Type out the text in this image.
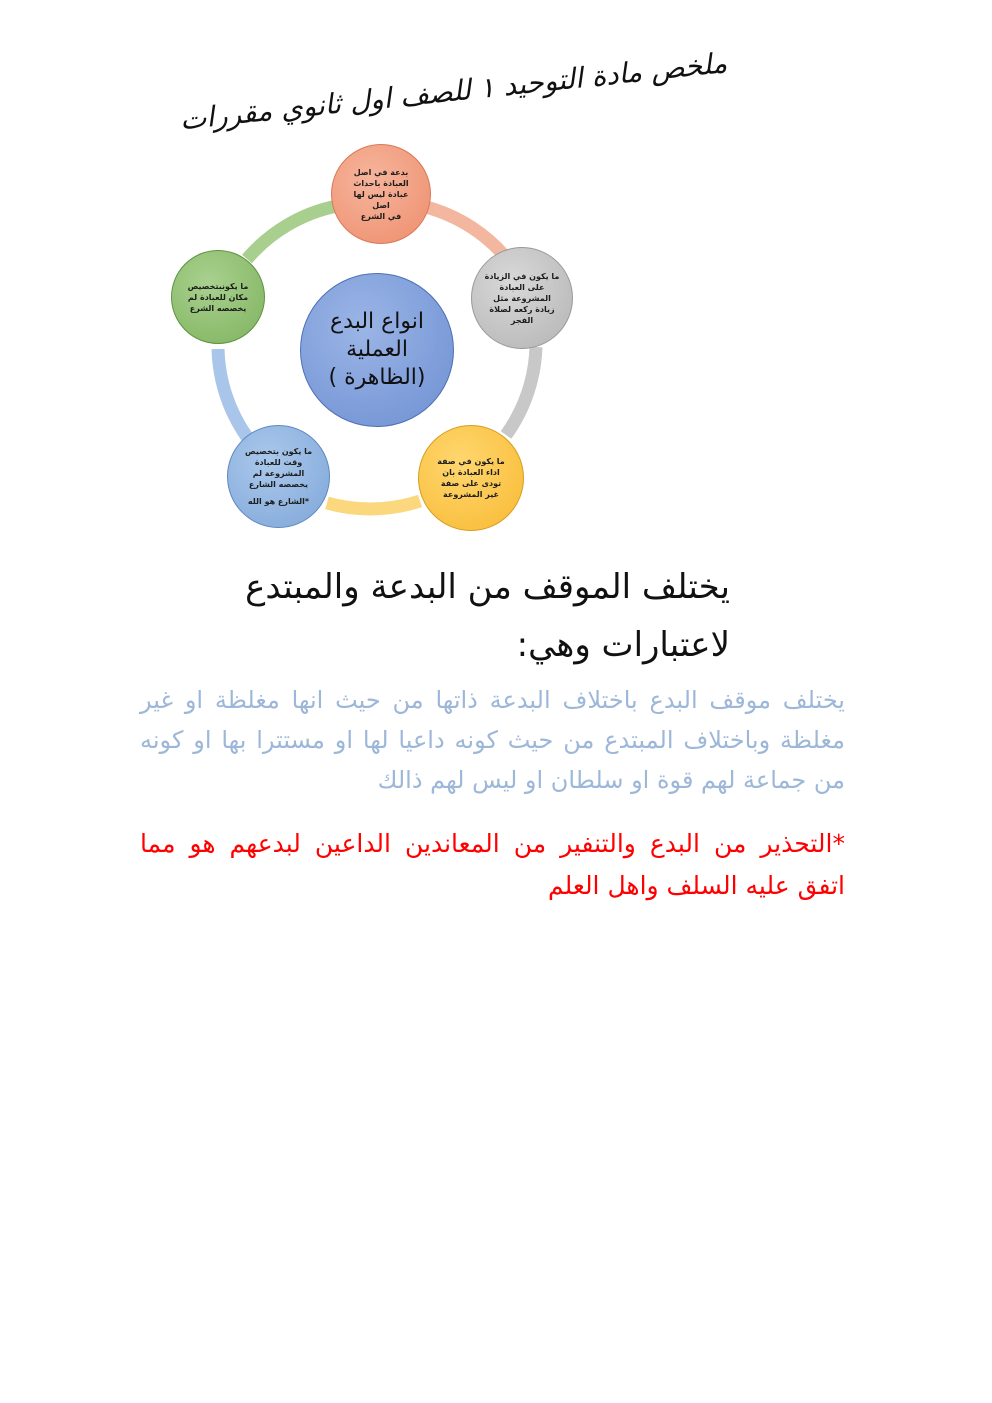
ملخص مادة التوحيد ١ للصف اول ثانوي مقررات
بدعة في اصل
العبادة باحداث
عبادة ليس لها اصل
في الشرع
ما يكون في الزيادة
على العبادة
المشروعة مثل
زيادة ركعه لصلاة
الفجر
ما يكون في صفة
اداء العبادة بان
تودى على صفة
غير المشروعة
ما يكون بتخصيص
وقت للعبادة
المشروعة لم
يخصصه الشارع
*الشارع هو الله
ما يكونبتخصيص
مكان للعبادة لم
يخصصه الشرع
انواع البدع
العملية
(الظاهرة )
يختلف الموقف من البدعة والمبتدع
لاعتبارات وهي:
يختلف موقف البدع باختلاف البدعة ذاتها من حيث انها مغلظة او غير مغلظة وباختلاف المبتدع من حيث كونه داعيا لها او مستترا بها او كونه من جماعة لهم قوة او سلطان او ليس لهم ذالك
*التحذير من البدع والتنفير من المعاندين الداعين لبدعهم هو مما اتفق عليه السلف واهل العلم
